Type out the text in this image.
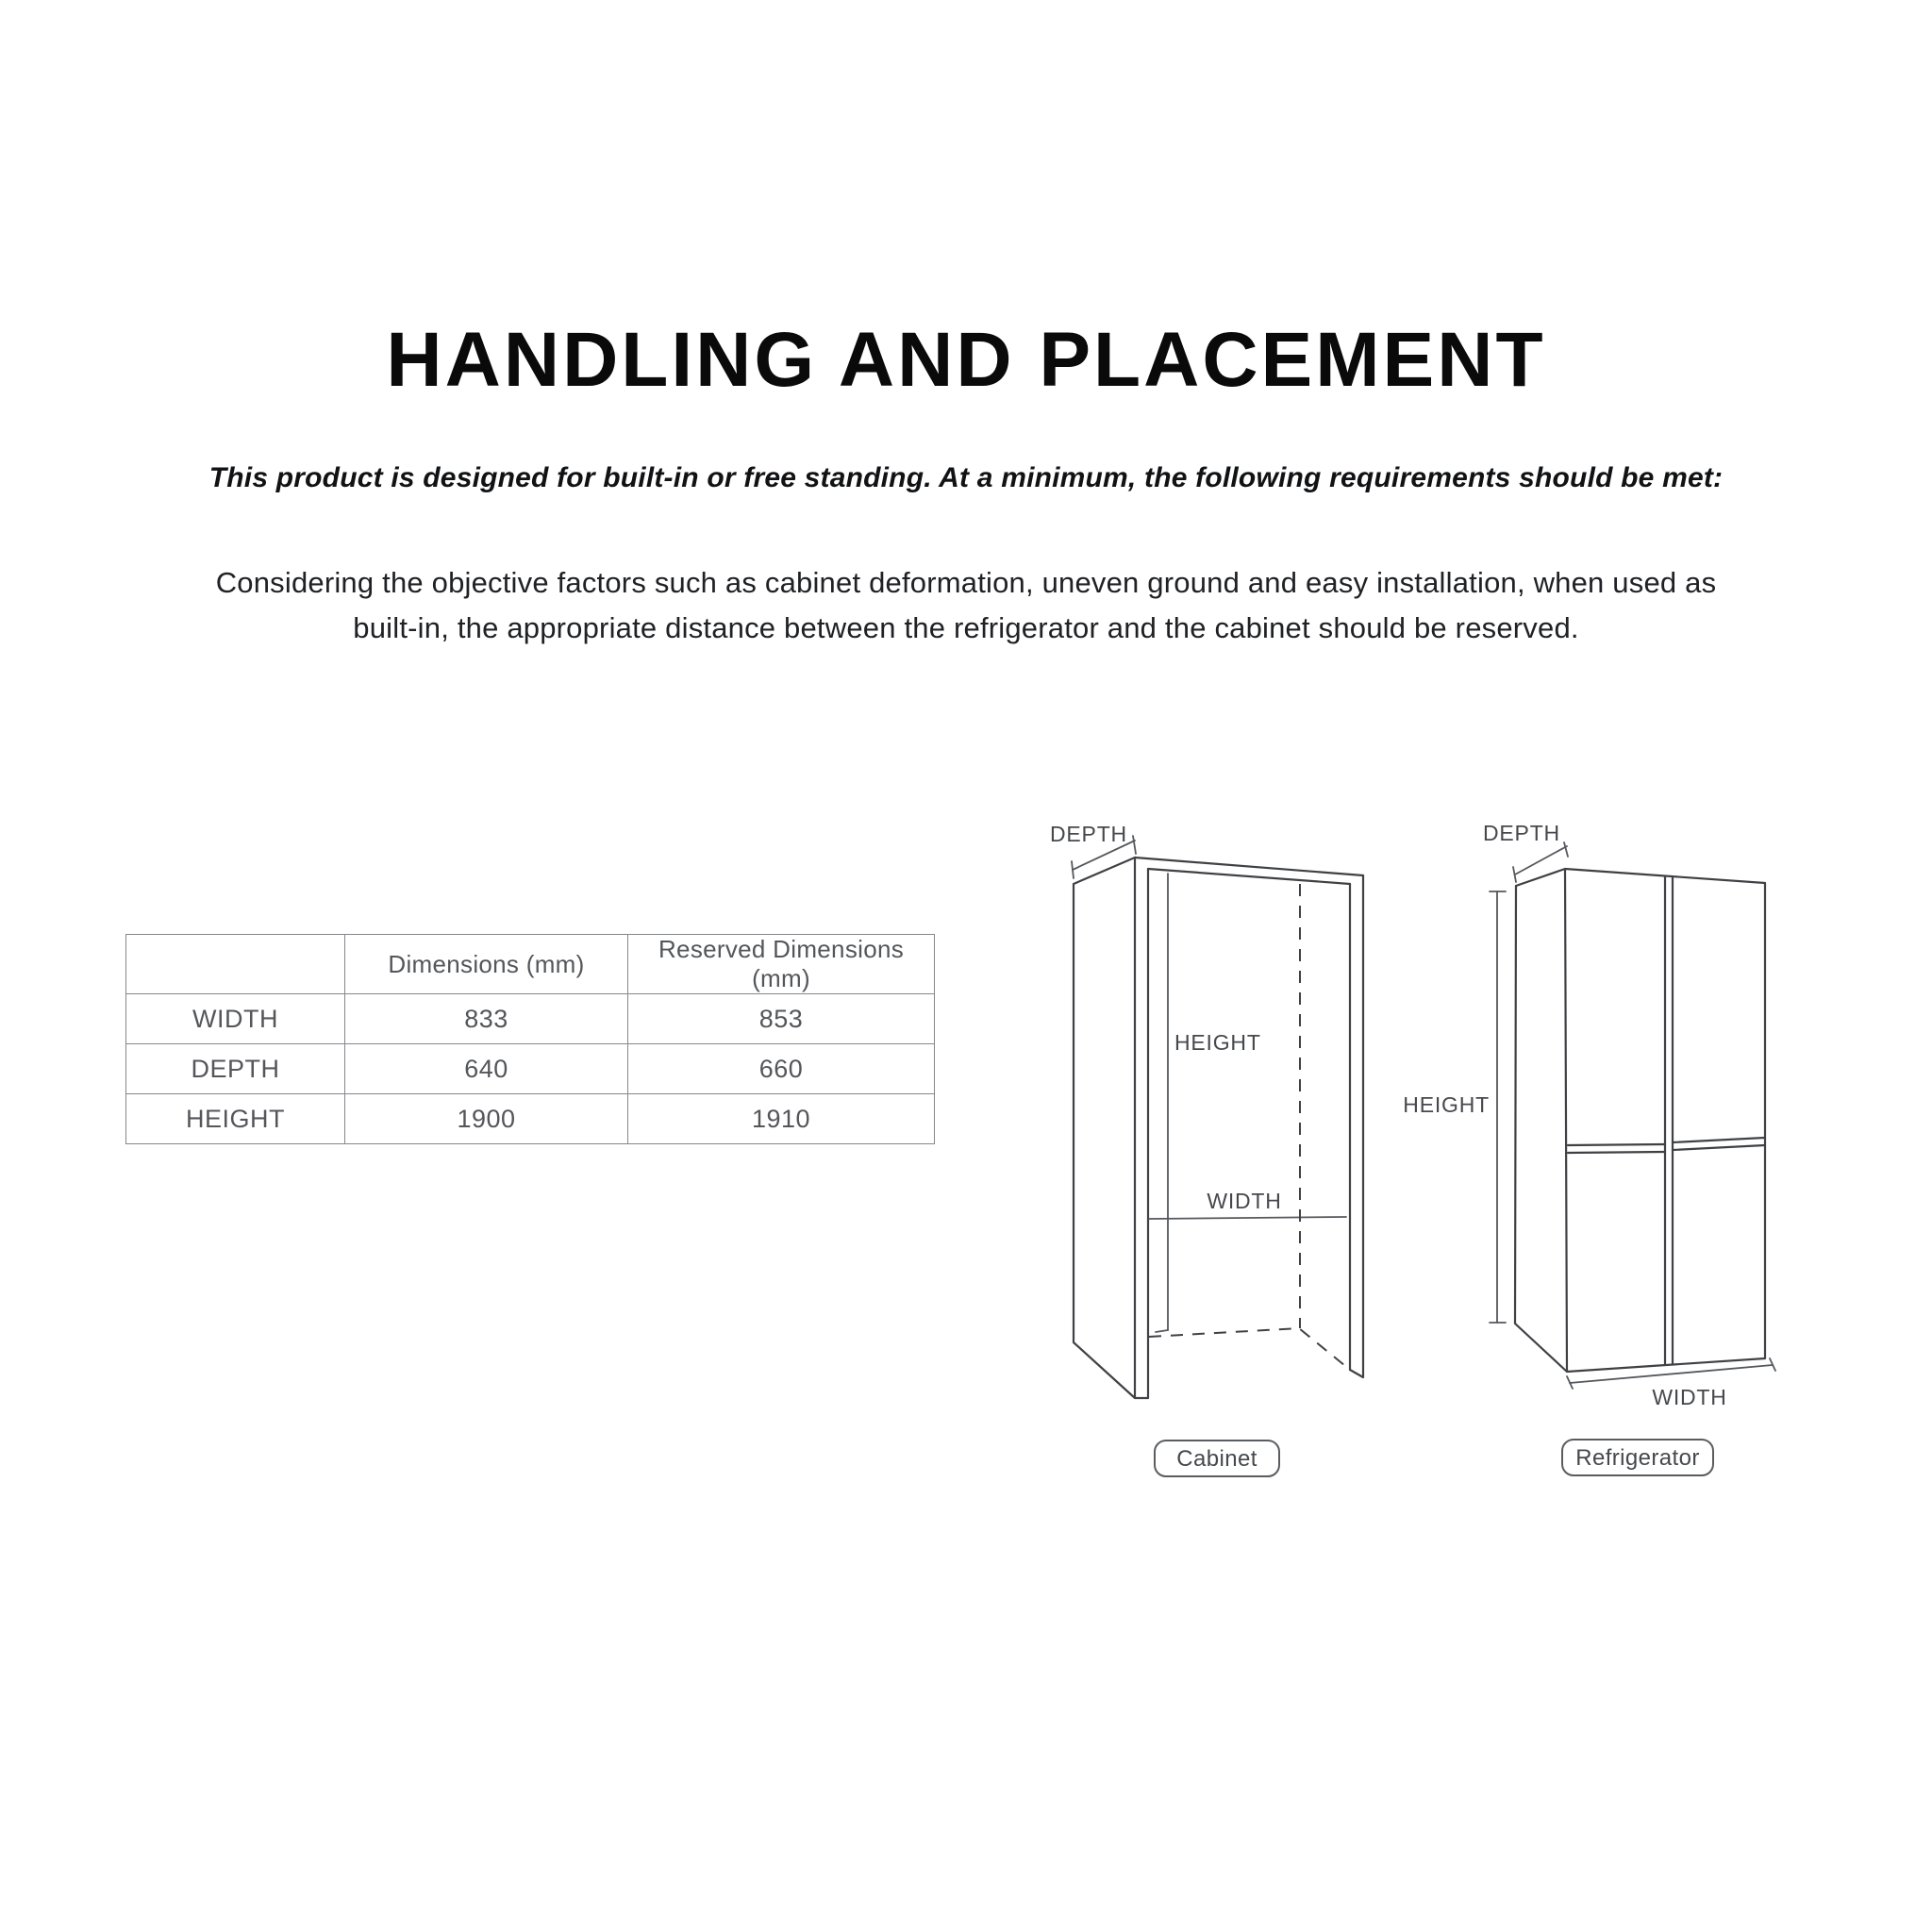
HANDLING AND PLACEMENT
This product is designed for built-in or free standing. At a minimum, the following requirements should be met:
Considering the objective factors such as cabinet deformation, uneven ground and easy installation, when used as
built-in, the appropriate distance between the refrigerator and the cabinet should be reserved.
	Dimensions (mm)	Reserved Dimensions (mm)
WIDTH	833	853
DEPTH	640	660
HEIGHT	1900	1910
DEPTH
HEIGHT
WIDTH
Cabinet
DEPTH
HEIGHT
WIDTH
Refrigerator
